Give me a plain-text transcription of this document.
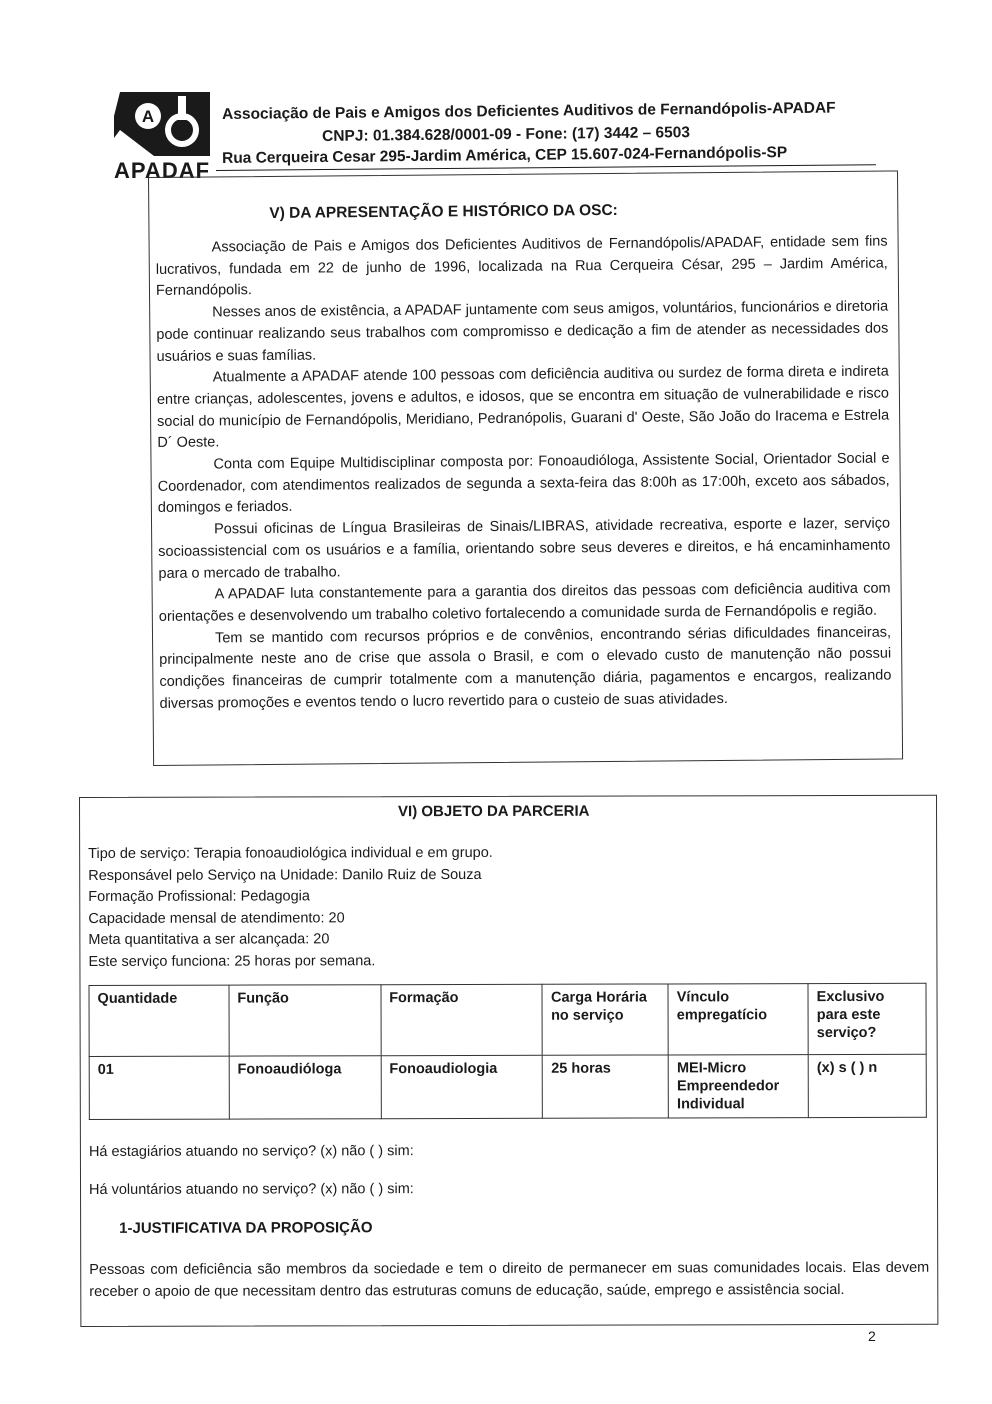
A
APADAF
Associação de Pais e Amigos dos Deficientes Auditivos de Fernandópolis-APADAF
CNPJ: 01.384.628/0001-09 - Fone: (17) 3442 – 6503
Rua Cerqueira Cesar 295-Jardim América, CEP 15.607-024-Fernandópolis-SP
V) DA APRESENTAÇÃO E HISTÓRICO DA OSC:

Associação de Pais e Amigos dos Deficientes Auditivos de Fernandópolis/APADAF, entidade sem fins lucrativos, fundada em 22 de junho de 1996, localizada na Rua Cerqueira César, 295 – Jardim América, Fernandópolis.

Nesses anos de existência, a APADAF juntamente com seus amigos, voluntários, funcionários e diretoria pode continuar realizando seus trabalhos com compromisso e dedicação a fim de atender as necessidades dos usuários e suas famílias.

Atualmente a APADAF atende 100 pessoas com deficiência auditiva ou surdez de forma direta e indireta entre crianças, adolescentes, jovens e adultos, e idosos, que se encontra em situação de vulnerabilidade e risco social do município de Fernandópolis, Meridiano, Pedranópolis, Guarani d' Oeste, São João do Iracema e Estrela D´ Oeste.

Conta com Equipe Multidisciplinar composta por: Fonoaudióloga, Assistente Social, Orientador Social e Coordenador, com atendimentos realizados de segunda a sexta-feira das 8:00h as 17:00h, exceto aos sábados, domingos e feriados.

Possui oficinas de Língua Brasileiras de Sinais/LIBRAS, atividade recreativa, esporte e lazer, serviço socioassistencial com os usuários e a família, orientando sobre seus deveres e direitos, e há encaminhamento para o mercado de trabalho.

A APADAF luta constantemente para a garantia dos direitos das pessoas com deficiência auditiva com orientações e desenvolvendo um trabalho coletivo fortalecendo a comunidade surda de Fernandópolis e região.

Tem se mantido com recursos próprios e de convênios, encontrando sérias dificuldades financeiras, principalmente neste ano de crise que assola o Brasil, e com o elevado custo de manutenção não possui condições financeiras de cumprir totalmente com a manutenção diária, pagamentos e encargos, realizando diversas promoções e eventos tendo o lucro revertido para o custeio de suas atividades.

VI) OBJETO DA PARCERIA
Tipo de serviço: Terapia fonoaudiológica individual e em grupo.
Responsável pelo Serviço na Unidade: Danilo Ruiz de Souza
Formação Profissional: Pedagogia
Capacidade mensal de atendimento: 20
Meta quantitativa a ser alcançada: 20
Este serviço funciona: 25 horas por semana.
Quantidade	Função	Formação	Carga Horária no serviço	Vínculo empregatício	Exclusivo para este serviço?
01	Fonoaudióloga	Fonoaudiologia	25 horas	MEI-Micro Empreendedor Individual	(x) s ( ) n
Há estagiários atuando no serviço? (x) não ( ) sim:
Há voluntários atuando no serviço? (x) não ( ) sim:
1-JUSTIFICATIVA DA PROPOSIÇÃO

Pessoas com deficiência são membros da sociedade e tem o direito de permanecer em suas comunidades locais. Elas devem receber o apoio de que necessitam dentro das estruturas comuns de educação, saúde, emprego e assistência social.

2
